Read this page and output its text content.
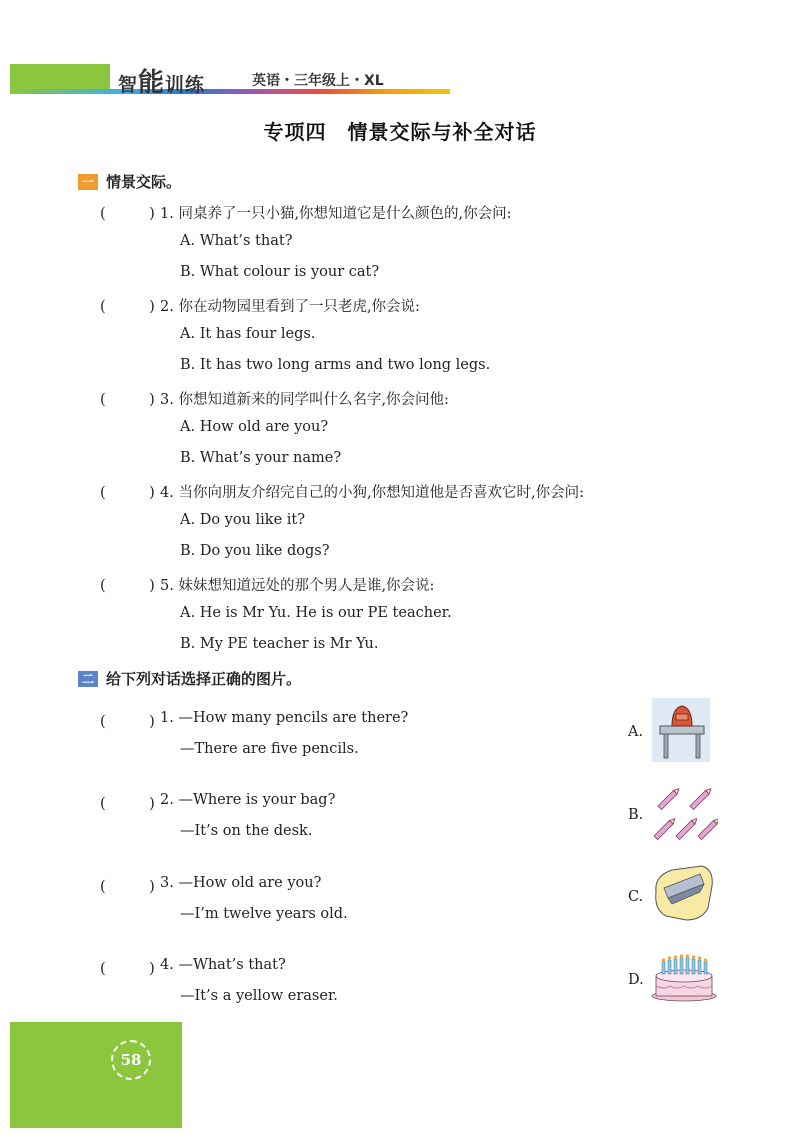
智能训练	英语・三年级上・XL
专项四　情景交际与补全对话
一 情景交际。
(　　　) 1. 同桌养了一只小猫,你想知道它是什么颜色的,你会问:
A. What’s that?
B. What colour is your cat?
(　　　) 2. 你在动物园里看到了一只老虎,你会说:
A. It has four legs.
B. It has two long arms and two long legs.
(　　　) 3. 你想知道新来的同学叫什么名字,你会问他:
A. How old are you?
B. What’s your name?
(　　　) 4. 当你向朋友介绍完自己的小狗,你想知道他是否喜欢它时,你会问:
A. Do you like it?
B. Do you like dogs?
(　　　) 5. 妹妹想知道远处的那个男人是谁,你会说:
A. He is Mr Yu. He is our PE teacher.
B. My PE teacher is Mr Yu.
二 给下列对话选择正确的图片。
(　　　) 1. —How many pencils are there?
—There are five pencils.
(　　　) 2. —Where is your bag?
—It’s on the desk.
(　　　) 3. —How old are you?
—I’m twelve years old.
(　　　) 4. —What’s that?
—It’s a yellow eraser.
A.
B.
C.
D.
58
